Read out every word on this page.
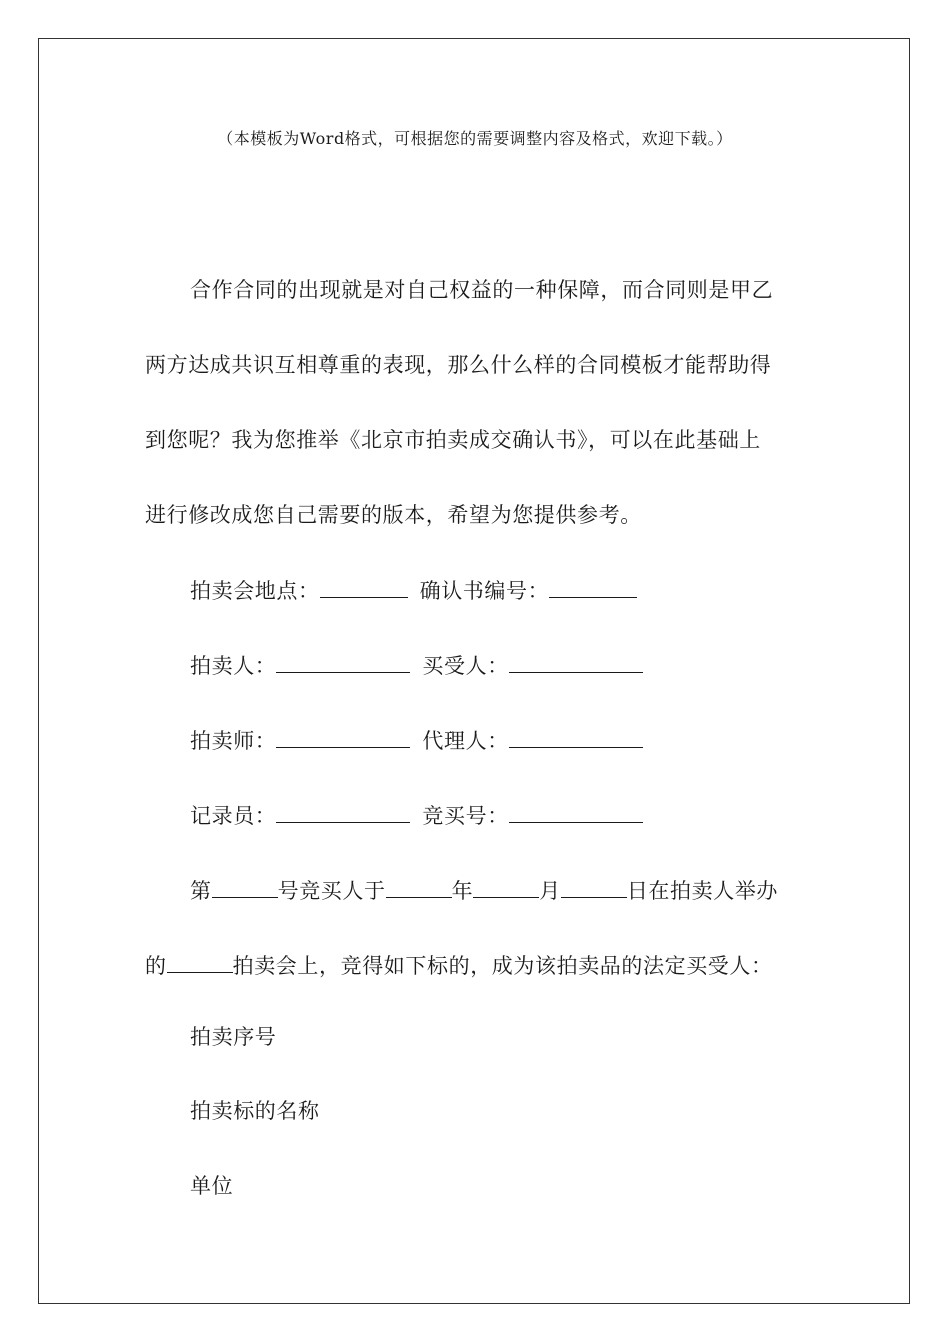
（本模板为Word格式，可根据您的需要调整内容及格式，欢迎下载。）
合作合同的出现就是对自己权益的一种保障，而合同则是甲乙
两方达成共识互相尊重的表现，那么什么样的合同模板才能帮助得
到您呢？我为您推举《北京市拍卖成交确认书》，可以在此基础上
进行修改成您自己需要的版本，希望为您提供参考。
拍卖会地点：	确认书编号：
拍卖人：	买受人：
拍卖师：	代理人：
记录员：	竞买号：
第	号竞买人于	年	月	日在拍卖人举办
的	拍卖会上，竞得如下标的，成为该拍卖品的法定买受人：
拍卖序号
拍卖标的名称
单位
